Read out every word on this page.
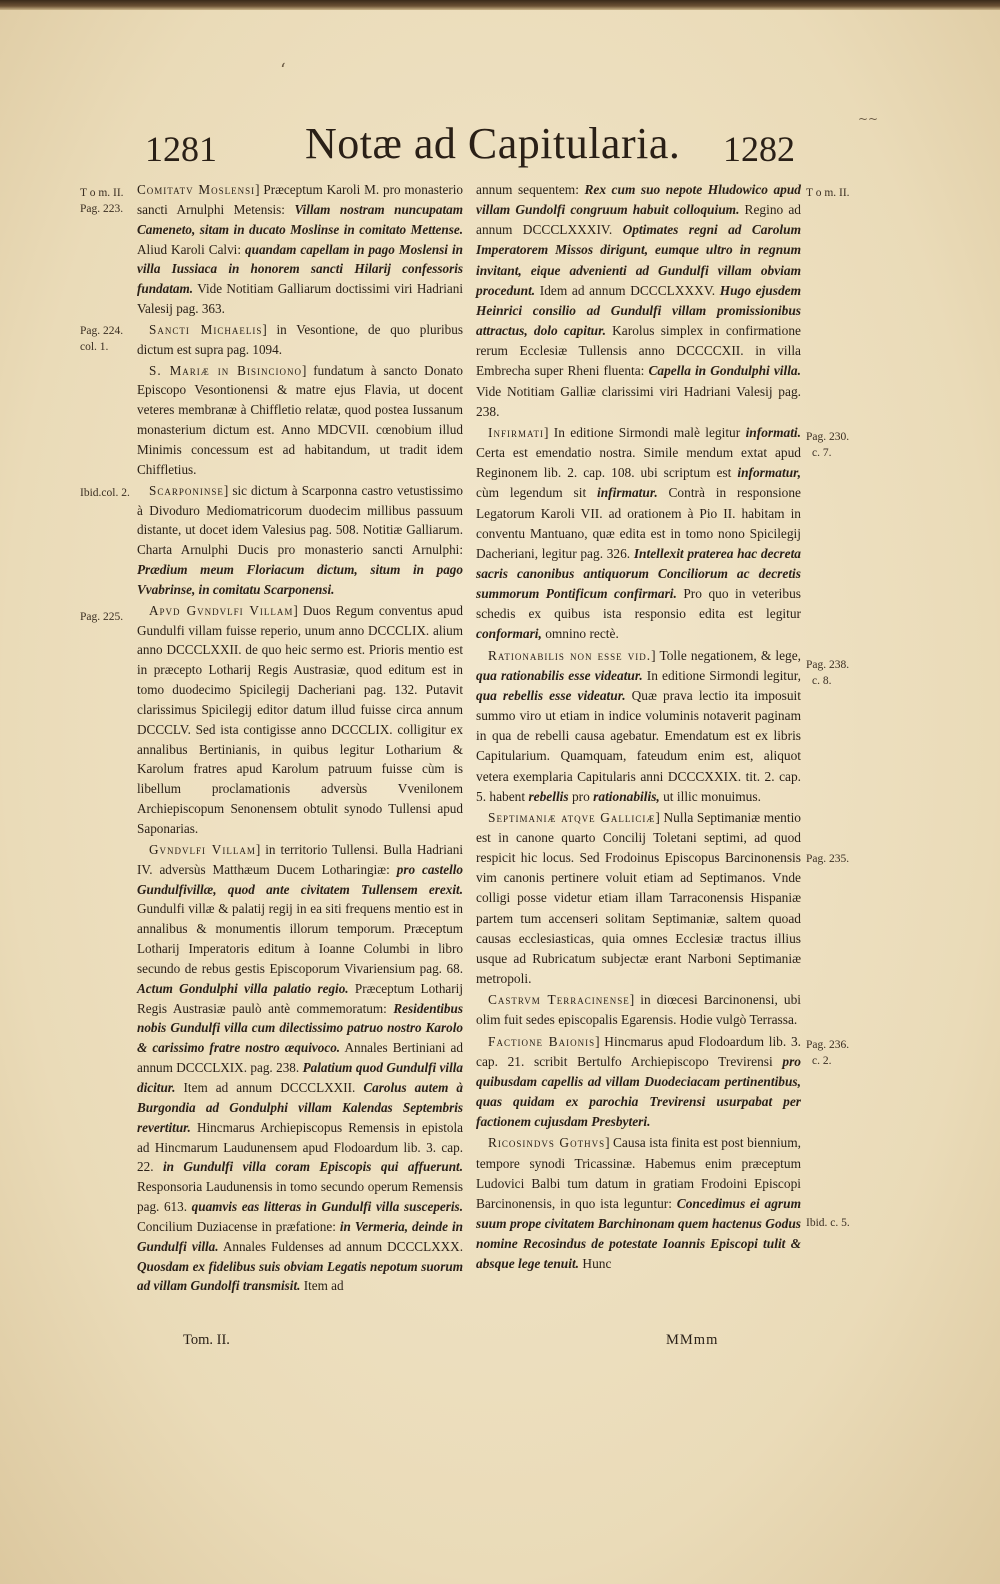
ʻ
~~
1281 Notæ ad Capitularia. 1282
T o m. II.
Pag. 223.
Pag. 224.
col. 1.
Ibid.col. 2.
Pag. 225.
T o m. II.
Pag. 230.
c. 7.
Pag. 238.
c. 8.
Pag. 235.
Pag. 236.
c. 2.
Ibid. c. 5.

Comitatv Moslensi] Præceptum Karoli M. pro monasterio sancti Arnulphi Metensis: Villam nostram nuncupatam Cameneto, sitam in ducato Moslinse in comitato Mettense. Aliud Karoli Calvi: quandam capellam in pago Moslensi in villa Iussiaca in honorem sancti Hilarij confessoris fundatam. Vide Notitiam Galliarum doctissimi viri Hadriani Valesij pag. 363.

Sancti Michaelis] in Vesontione, de quo pluribus dictum est supra pag. 1094.

S. Mariæ in Bisinciono] fundatum à sancto Donato Episcopo Vesontionensi & matre ejus Flavia, ut docent veteres membranæ à Chiffletio relatæ, quod postea Iussanum monasterium dictum est. Anno MDCVII. cœnobium illud Minimis concessum est ad habitandum, ut tradit idem Chiffletius.

Scarponinse] sic dictum à Scarponna castro vetustissimo à Divoduro Mediomatricorum duodecim millibus passuum distante, ut docet idem Valesius pag. 508. Notitiæ Galliarum. Charta Arnulphi Ducis pro monasterio sancti Arnulphi: Prædium meum Floriacum dictum, situm in pago Vvabrinse, in comitatu Scarponensi.

Apvd Gvndvlfi Villam] Duos Regum conventus apud Gundulfi villam fuisse reperio, unum anno DCCCLIX. alium anno DCCCLXXII. de quo heic sermo est. Prioris mentio est in præcepto Lotharij Regis Austrasiæ, quod editum est in tomo duodecimo Spicilegij Dacheriani pag. 132. Putavit clarissimus Spicilegij editor datum illud fuisse circa annum DCCCLV. Sed ista contigisse anno DCCCLIX. colligitur ex annalibus Bertinianis, in quibus legitur Lotharium & Karolum fratres apud Karolum patruum fuisse cùm is libellum proclamationis adversùs Vvenilonem Archiepiscopum Senonensem obtulit synodo Tullensi apud Saponarias.

Gvndvlfi Villam] in territorio Tullensi. Bulla Hadriani IV. adversùs Matthæum Ducem Lotharingiæ: pro castello Gundulfivillæ, quod ante civitatem Tullensem erexit. Gundulfi villæ & palatij regij in ea siti frequens mentio est in annalibus & monumentis illorum temporum. Præceptum Lotharij Imperatoris editum à Ioanne Columbi in libro secundo de rebus gestis Episcoporum Vivariensium pag. 68. Actum Gondulphi villa palatio regio. Præceptum Lotharij Regis Austrasiæ paulò antè commemoratum: Residentibus nobis Gundulfi villa cum dilectissimo patruo nostro Karolo & carissimo fratre nostro æquivoco. Annales Bertiniani ad annum DCCCLXIX. pag. 238. Palatium quod Gundulfi villa dicitur. Item ad annum DCCCLXXII. Carolus autem à Burgondia ad Gondulphi villam Kalendas Septembris revertitur. Hincmarus Archiepiscopus Remensis in epistola ad Hincmarum Laudunensem apud Flodoardum lib. 3. cap. 22. in Gundulfi villa coram Episcopis qui affuerunt. Responsoria Laudunensis in tomo secundo operum Remensis pag. 613. quamvis eas litteras in Gundulfi villa susceperis. Concilium Duziacense in præfatione: in Vermeria, deinde in Gundulfi villa. Annales Fuldenses ad annum DCCCLXXX. Quosdam ex fidelibus suis obviam Legatis nepotum suorum ad villam Gundolfi transmisit. Item ad

annum sequentem: Rex cum suo nepote Hludowico apud villam Gundolfi congruum habuit colloquium. Regino ad annum DCCCLXXXIV. Optimates regni ad Carolum Imperatorem Missos dirigunt, eumque ultro in regnum invitant, eique advenienti ad Gundulfi villam obviam procedunt. Idem ad annum DCCCLXXXV. Hugo ejusdem Heinrici consilio ad Gundulfi villam promissionibus attractus, dolo capitur. Karolus simplex in confirmatione rerum Ecclesiæ Tullensis anno DCCCCXII. in villa Embrecha super Rheni fluenta: Capella in Gondulphi villa. Vide Notitiam Galliæ clarissimi viri Hadriani Valesij pag. 238.

Infirmati] In editione Sirmondi malè legitur informati. Certa est emendatio nostra. Simile mendum extat apud Reginonem lib. 2. cap. 108. ubi scriptum est informatur, cùm legendum sit infirmatur. Contrà in responsione Legatorum Karoli VII. ad orationem à Pio II. habitam in conventu Mantuano, quæ edita est in tomo nono Spicilegij Dacheriani, legitur pag. 326. Intellexit praterea hac decreta sacris canonibus antiquorum Conciliorum ac decretis summorum Pontificum confirmari. Pro quo in veteribus schedis ex quibus ista responsio edita est legitur conformari, omnino rectè.

Rationabilis non esse vid.] Tolle negationem, & lege, qua rationabilis esse videatur. In editione Sirmondi legitur, qua rebellis esse videatur. Quæ prava lectio ita imposuit summo viro ut etiam in indice voluminis notaverit paginam in qua de rebelli causa agebatur. Emendatum est ex libris Capitularium. Quamquam, fateudum enim est, aliquot vetera exemplaria Capitularis anni DCCCXXIX. tit. 2. cap. 5. habent rebellis pro rationabilis, ut illic monuimus.

Septimaniæ atqve Galliciæ] Nulla Septimaniæ mentio est in canone quarto Concilij Toletani septimi, ad quod respicit hic locus. Sed Frodoinus Episcopus Barcinonensis vim canonis pertinere voluit etiam ad Septimanos. Vnde colligi posse videtur etiam illam Tarraconensis Hispaniæ partem tum accenseri solitam Septimaniæ, saltem quoad causas ecclesiasticas, quia omnes Ecclesiæ tractus illius usque ad Rubricatum subjectæ erant Narboni Septimaniæ metropoli.

Castrvm Terracinense] in diœcesi Barcinonensi, ubi olim fuit sedes episcopalis Egarensis. Hodie vulgò Terrassa.

Factione Baionis] Hincmarus apud Flodoardum lib. 3. cap. 21. scribit Bertulfo Archiepiscopo Trevirensi pro quibusdam capellis ad villam Duodeciacam pertinentibus, quas quidam ex parochia Trevirensi usurpabat per factionem cujusdam Presbyteri.

Ricosindvs Gothvs] Causa ista finita est post biennium, tempore synodi Tricassinæ. Habemus enim præceptum Ludovici Balbi tum datum in gratiam Frodoini Episcopi Barcinonensis, in quo ista leguntur: Concedimus ei agrum suum prope civitatem Barchinonam quem hactenus Godus nomine Recosindus de potestate Ioannis Episcopi tulit & absque lege tenuit. Hunc

Tom. II.	MMmm
